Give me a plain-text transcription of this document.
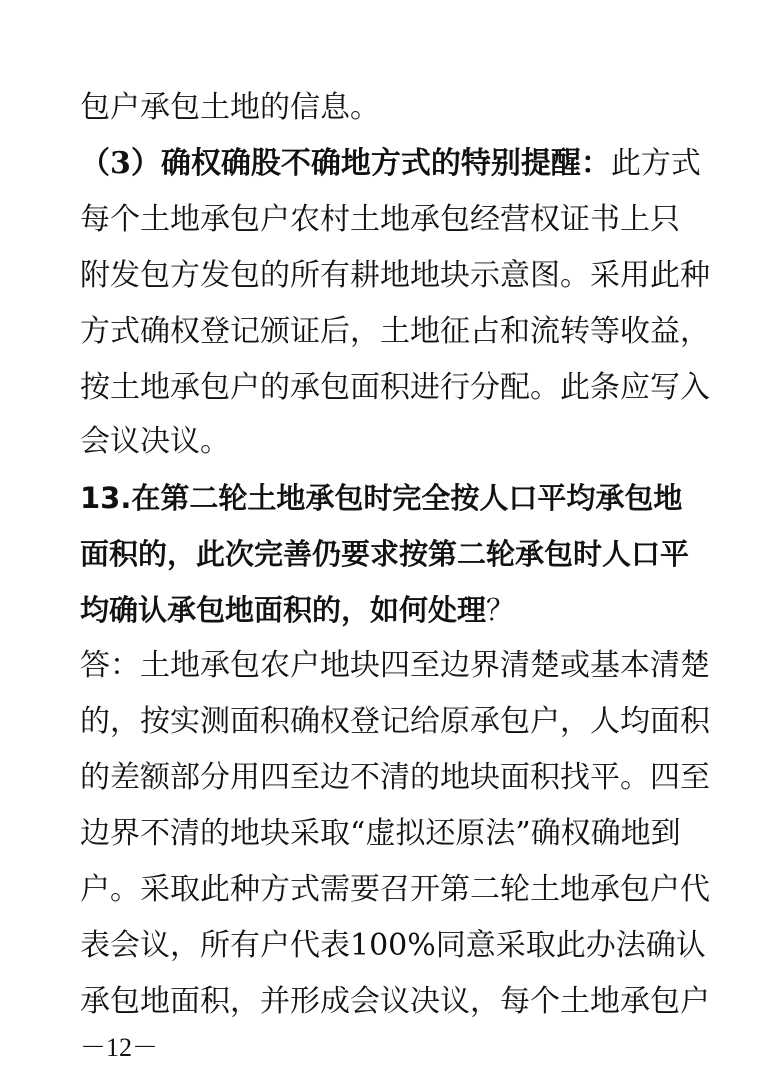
包户承包土地的信息。
（3）确权确股不确地方式的特别提醒：此方式
每个土地承包户农村土地承包经营权证书上只
附发包方发包的所有耕地地块示意图。采用此种
方式确权登记颁证后，土地征占和流转等收益，
按土地承包户的承包面积进行分配。此条应写入
会议决议。
13.在第二轮土地承包时完全按人口平均承包地
面积的，此次完善仍要求按第二轮承包时人口平
均确认承包地面积的，如何处理？
答：土地承包农户地块四至边界清楚或基本清楚
的，按实测面积确权登记给原承包户，人均面积
的差额部分用四至边不清的地块面积找平。四至
边界不清的地块采取“虚拟还原法”确权确地到
户。采取此种方式需要召开第二轮土地承包户代
表会议，所有户代表100%同意采取此办法确认
承包地面积，并形成会议决议，每个土地承包户
－12－
